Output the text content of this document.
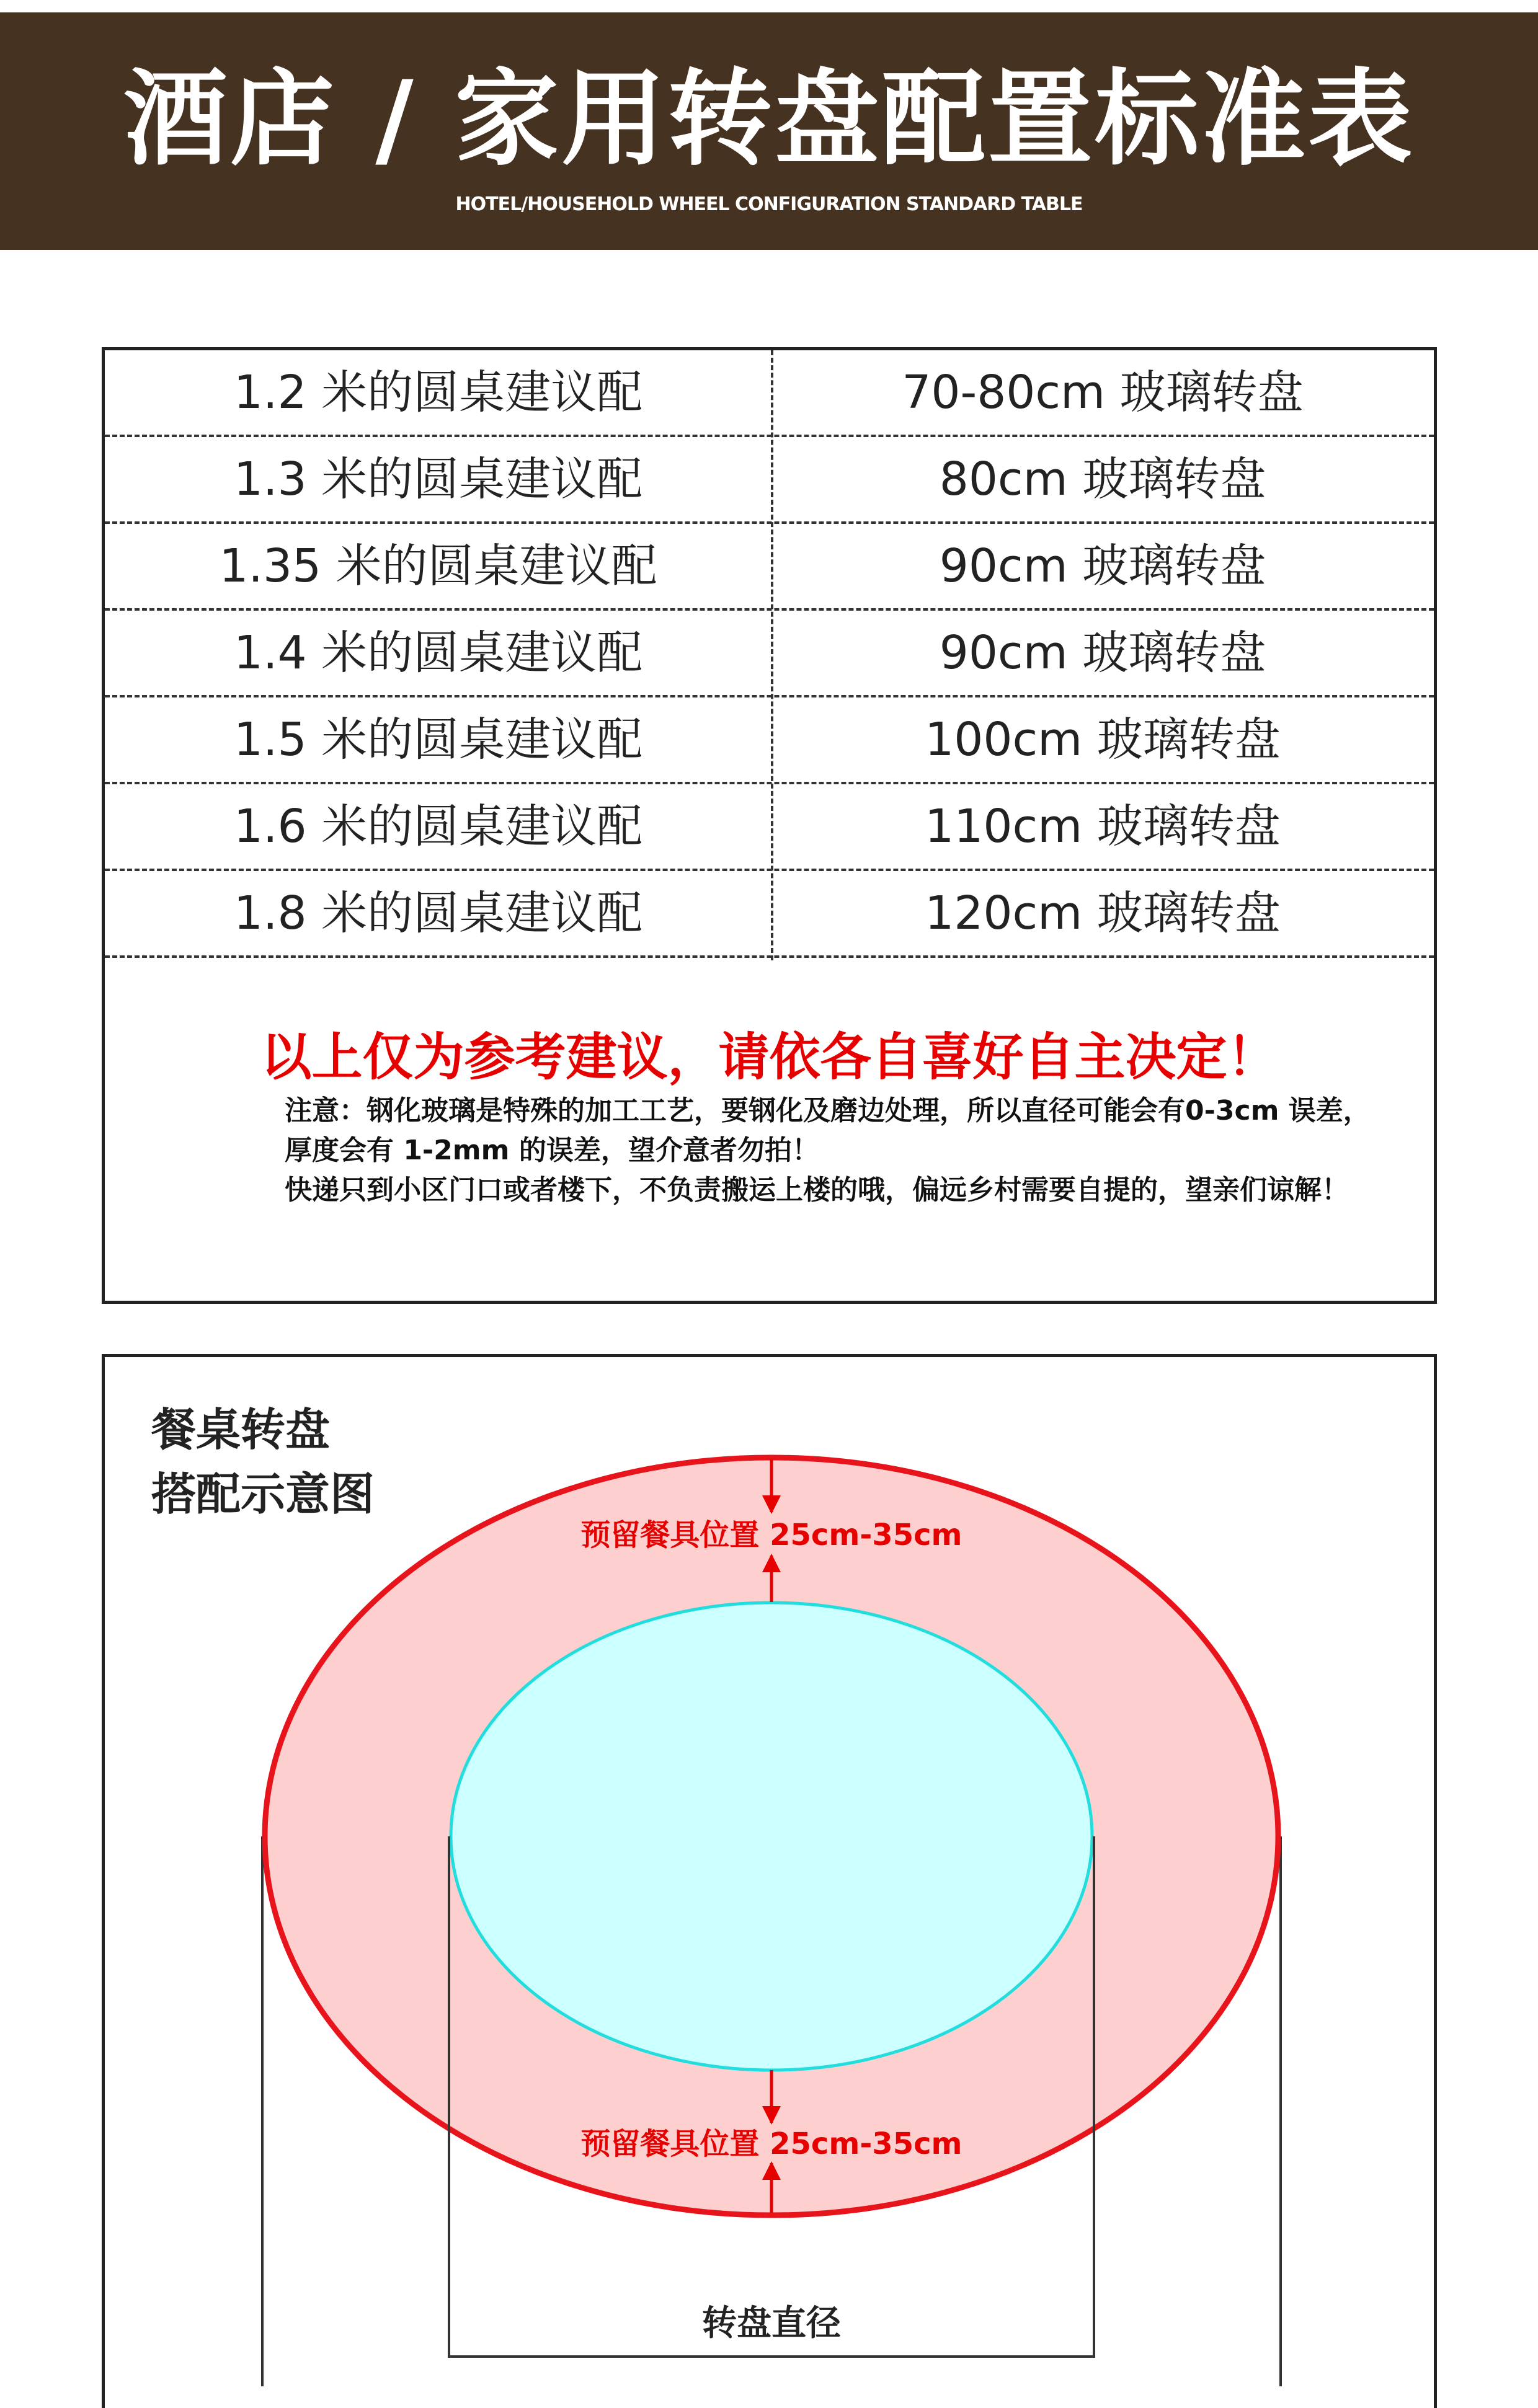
酒店 / 家用转盘配置标准表
HOTEL/HOUSEHOLD WHEEL CONFIGURATION STANDARD TABLE
1.2 米的圆桌建议配	70-80cm 玻璃转盘
1.3 米的圆桌建议配	80cm 玻璃转盘
1.35 米的圆桌建议配	90cm 玻璃转盘
1.4 米的圆桌建议配	90cm 玻璃转盘
1.5 米的圆桌建议配	100cm 玻璃转盘
1.6 米的圆桌建议配	110cm 玻璃转盘
1.8 米的圆桌建议配	120cm 玻璃转盘
以上仅为参考建议，请依各自喜好自主决定！

注意：钢化玻璃是特殊的加工工艺，要钢化及磨边处理，所以直径可能会有0-3cm 误差，厚度会有 1-2mm 的误差，望介意者勿拍！

快递只到小区门口或者楼下，不负责搬运上楼的哦，偏远乡村需要自提的，望亲们谅解！

餐桌转盘
搭配示意图
预留餐具位置 25cm-35cm
预留餐具位置 25cm-35cm
转盘直径
